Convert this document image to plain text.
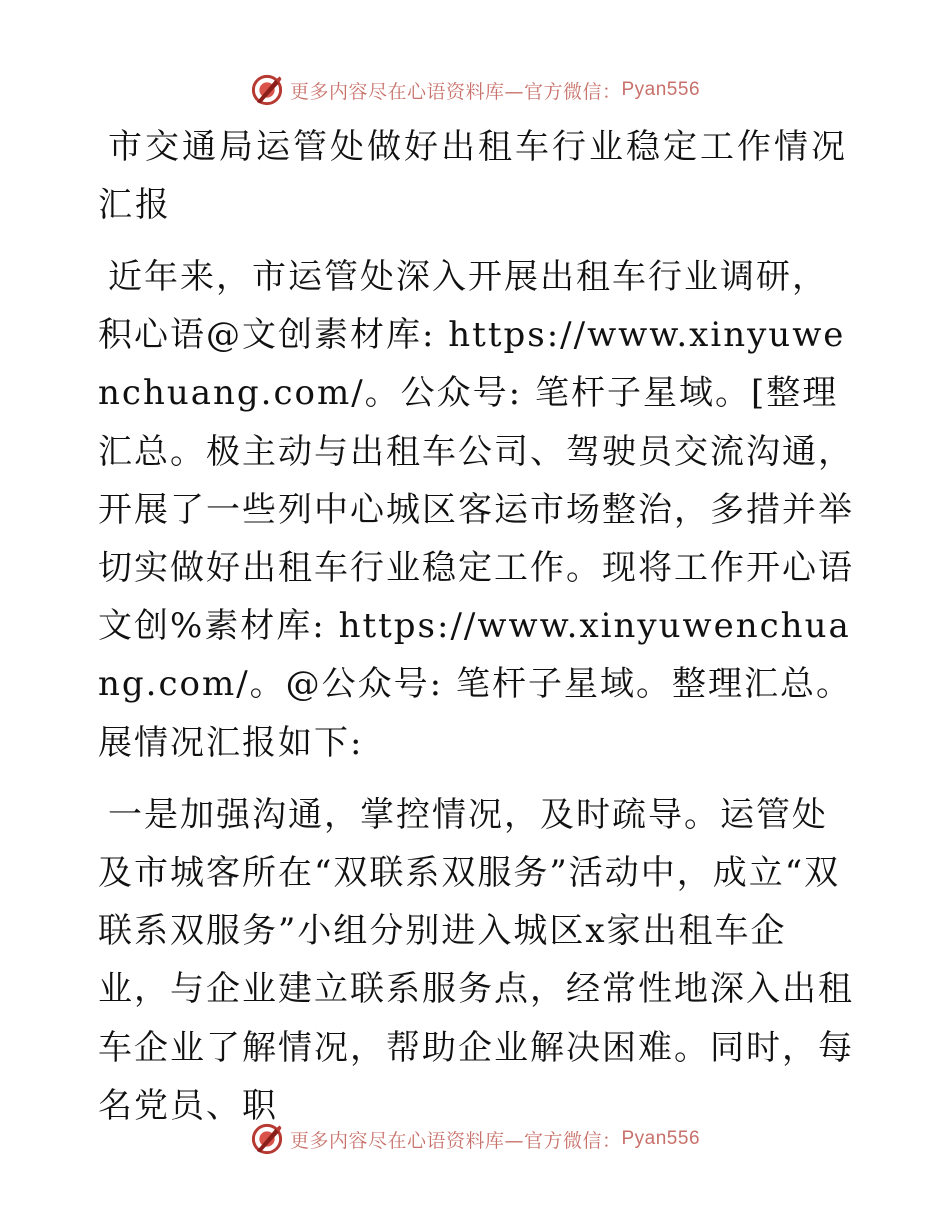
更多内容尽在心语资料库—官方微信： Pyan556
市交通局运管处做好出租车行业稳定工作情况汇报

近年来，市运管处深入开展出租车行业调研，积心语@文创素材库: https://www.xinyuwenchuang.com/。公众号: 笔杆子星域。[整理汇总。极主动与出租车公司、驾驶员交流沟通，开展了一些列中心城区客运市场整治，多措并举切实做好出租车行业稳定工作。现将工作开心语文创%素材库: https://www.xinyuwenchuang.com/。@公众号: 笔杆子星域。整理汇总。展情况汇报如下:

一是加强沟通，掌控情况，及时疏导。运管处及市城客所在“双联系双服务”活动中，成立“双联系双服务”小组分别进入城区x家出租车企业，与企业建立联系服务点，经常性地深入出租车企业了解情况，帮助企业解决困难。同时，每名党员、职

更多内容尽在心语资料库—官方微信： Pyan556
